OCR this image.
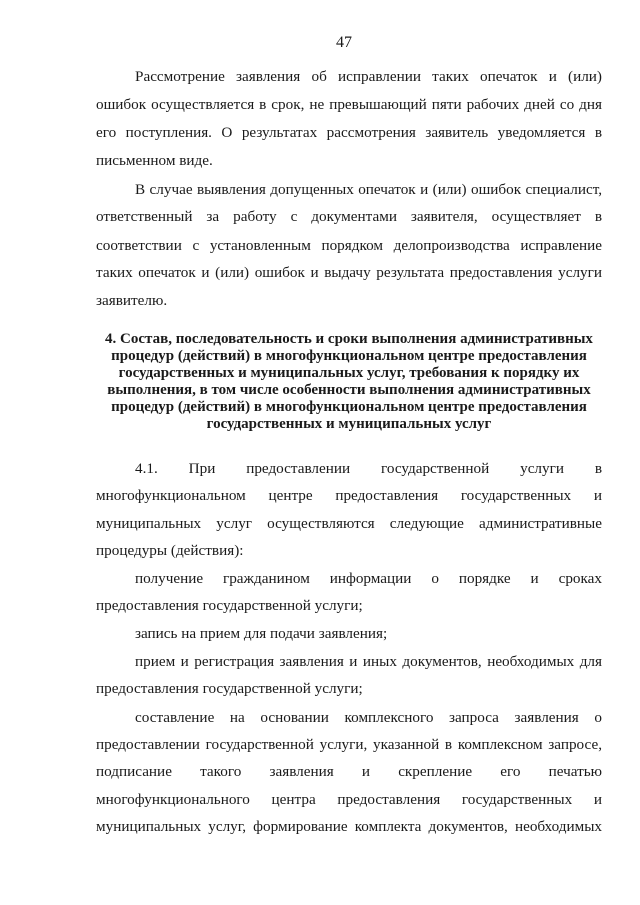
47
Рассмотрение заявления об исправлении таких опечаток и (или)
ошибок осуществляется в срок, не превышающий пяти рабочих дней со дня
его поступления. О результатах рассмотрения заявитель уведомляется в
письменном виде.
В случае выявления допущенных опечаток и (или) ошибок специалист,
ответственный за работу с документами заявителя, осуществляет в
соответствии с установленным порядком делопроизводства исправление
таких опечаток и (или) ошибок и выдачу результата предоставления услуги
заявителю.
4. Состав, последовательность и сроки выполнения административных
процедур (действий) в многофункциональном центре предоставления
государственных и муниципальных услуг, требования к порядку их
выполнения, в том числе особенности выполнения административных
процедур (действий) в многофункциональном центре предоставления
государственных и муниципальных услуг
4.1. При предоставлении государственной услуги в
многофункциональном центре предоставления государственных и
муниципальных услуг осуществляются следующие административные
процедуры (действия):
получение гражданином информации о порядке и сроках
предоставления государственной услуги;
запись на прием для подачи заявления;
прием и регистрация заявления и иных документов, необходимых для
предоставления государственной услуги;
составление на основании комплексного запроса заявления о
предоставлении государственной услуги, указанной в комплексном запросе,
подписание такого заявления и скрепление его печатью
многофункционального центра предоставления государственных и
муниципальных услуг, формирование комплекта документов, необходимых
